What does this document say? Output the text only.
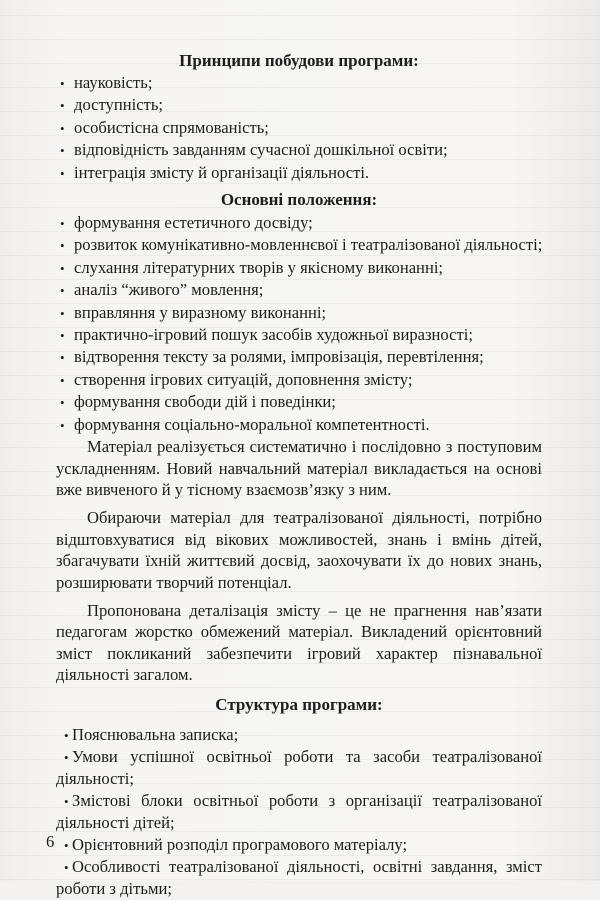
Принципи побудови програми:
• науковість;
• доступність;
• особистісна спрямованість;
• відповідність завданням сучасної дошкільної освіти;
• інтеграція змісту й організації діяльності.
Основні положення:
• формування естетичного досвіду;
• розвиток комунікативно-мовленнєвої і театралізованої діяльності;
• слухання літературних творів у якісному виконанні;
• аналіз “живого” мовлення;
• вправляння у виразному виконанні;
• практично-ігровий пошук засобів художньої виразності;
• відтворення тексту за ролями, імпровізація, перевтілення;
• створення ігрових ситуацій, доповнення змісту;
• формування свободи дій і поведінки;
• формування соціально-моральної компетентності.

Матеріал реалізується систематично і послідовно з поступовим ускладненням. Новий навчальний матеріал викладається на основі вже вивченого й у тісному взаємозв’язку з ним.

Обираючи матеріал для театралізованої діяльності, потрібно відштовхуватися від вікових можливостей, знань і вмінь дітей, збагачувати їхній життєвий досвід, заохочувати їх до нових знань, розширювати творчий потенціал.

Пропонована деталізація змісту – це не прагнення нав’язати педагогам жорстко обмежений матеріал. Викладений орієнтовний зміст покликаний забезпечити ігровий характер пізнавальної діяльності загалом.

Структура програми:
• Пояснювальна записка;
• Умови успішної освітньої роботи та засоби театралізованої діяльності;
• Змістові блоки освітньої роботи з організації театралізованої діяльності дітей;
• Орієнтовний розподіл програмового матеріалу;
• Особливості театралізованої діяльності, освітні завдання, зміст роботи з дітьми;
6
